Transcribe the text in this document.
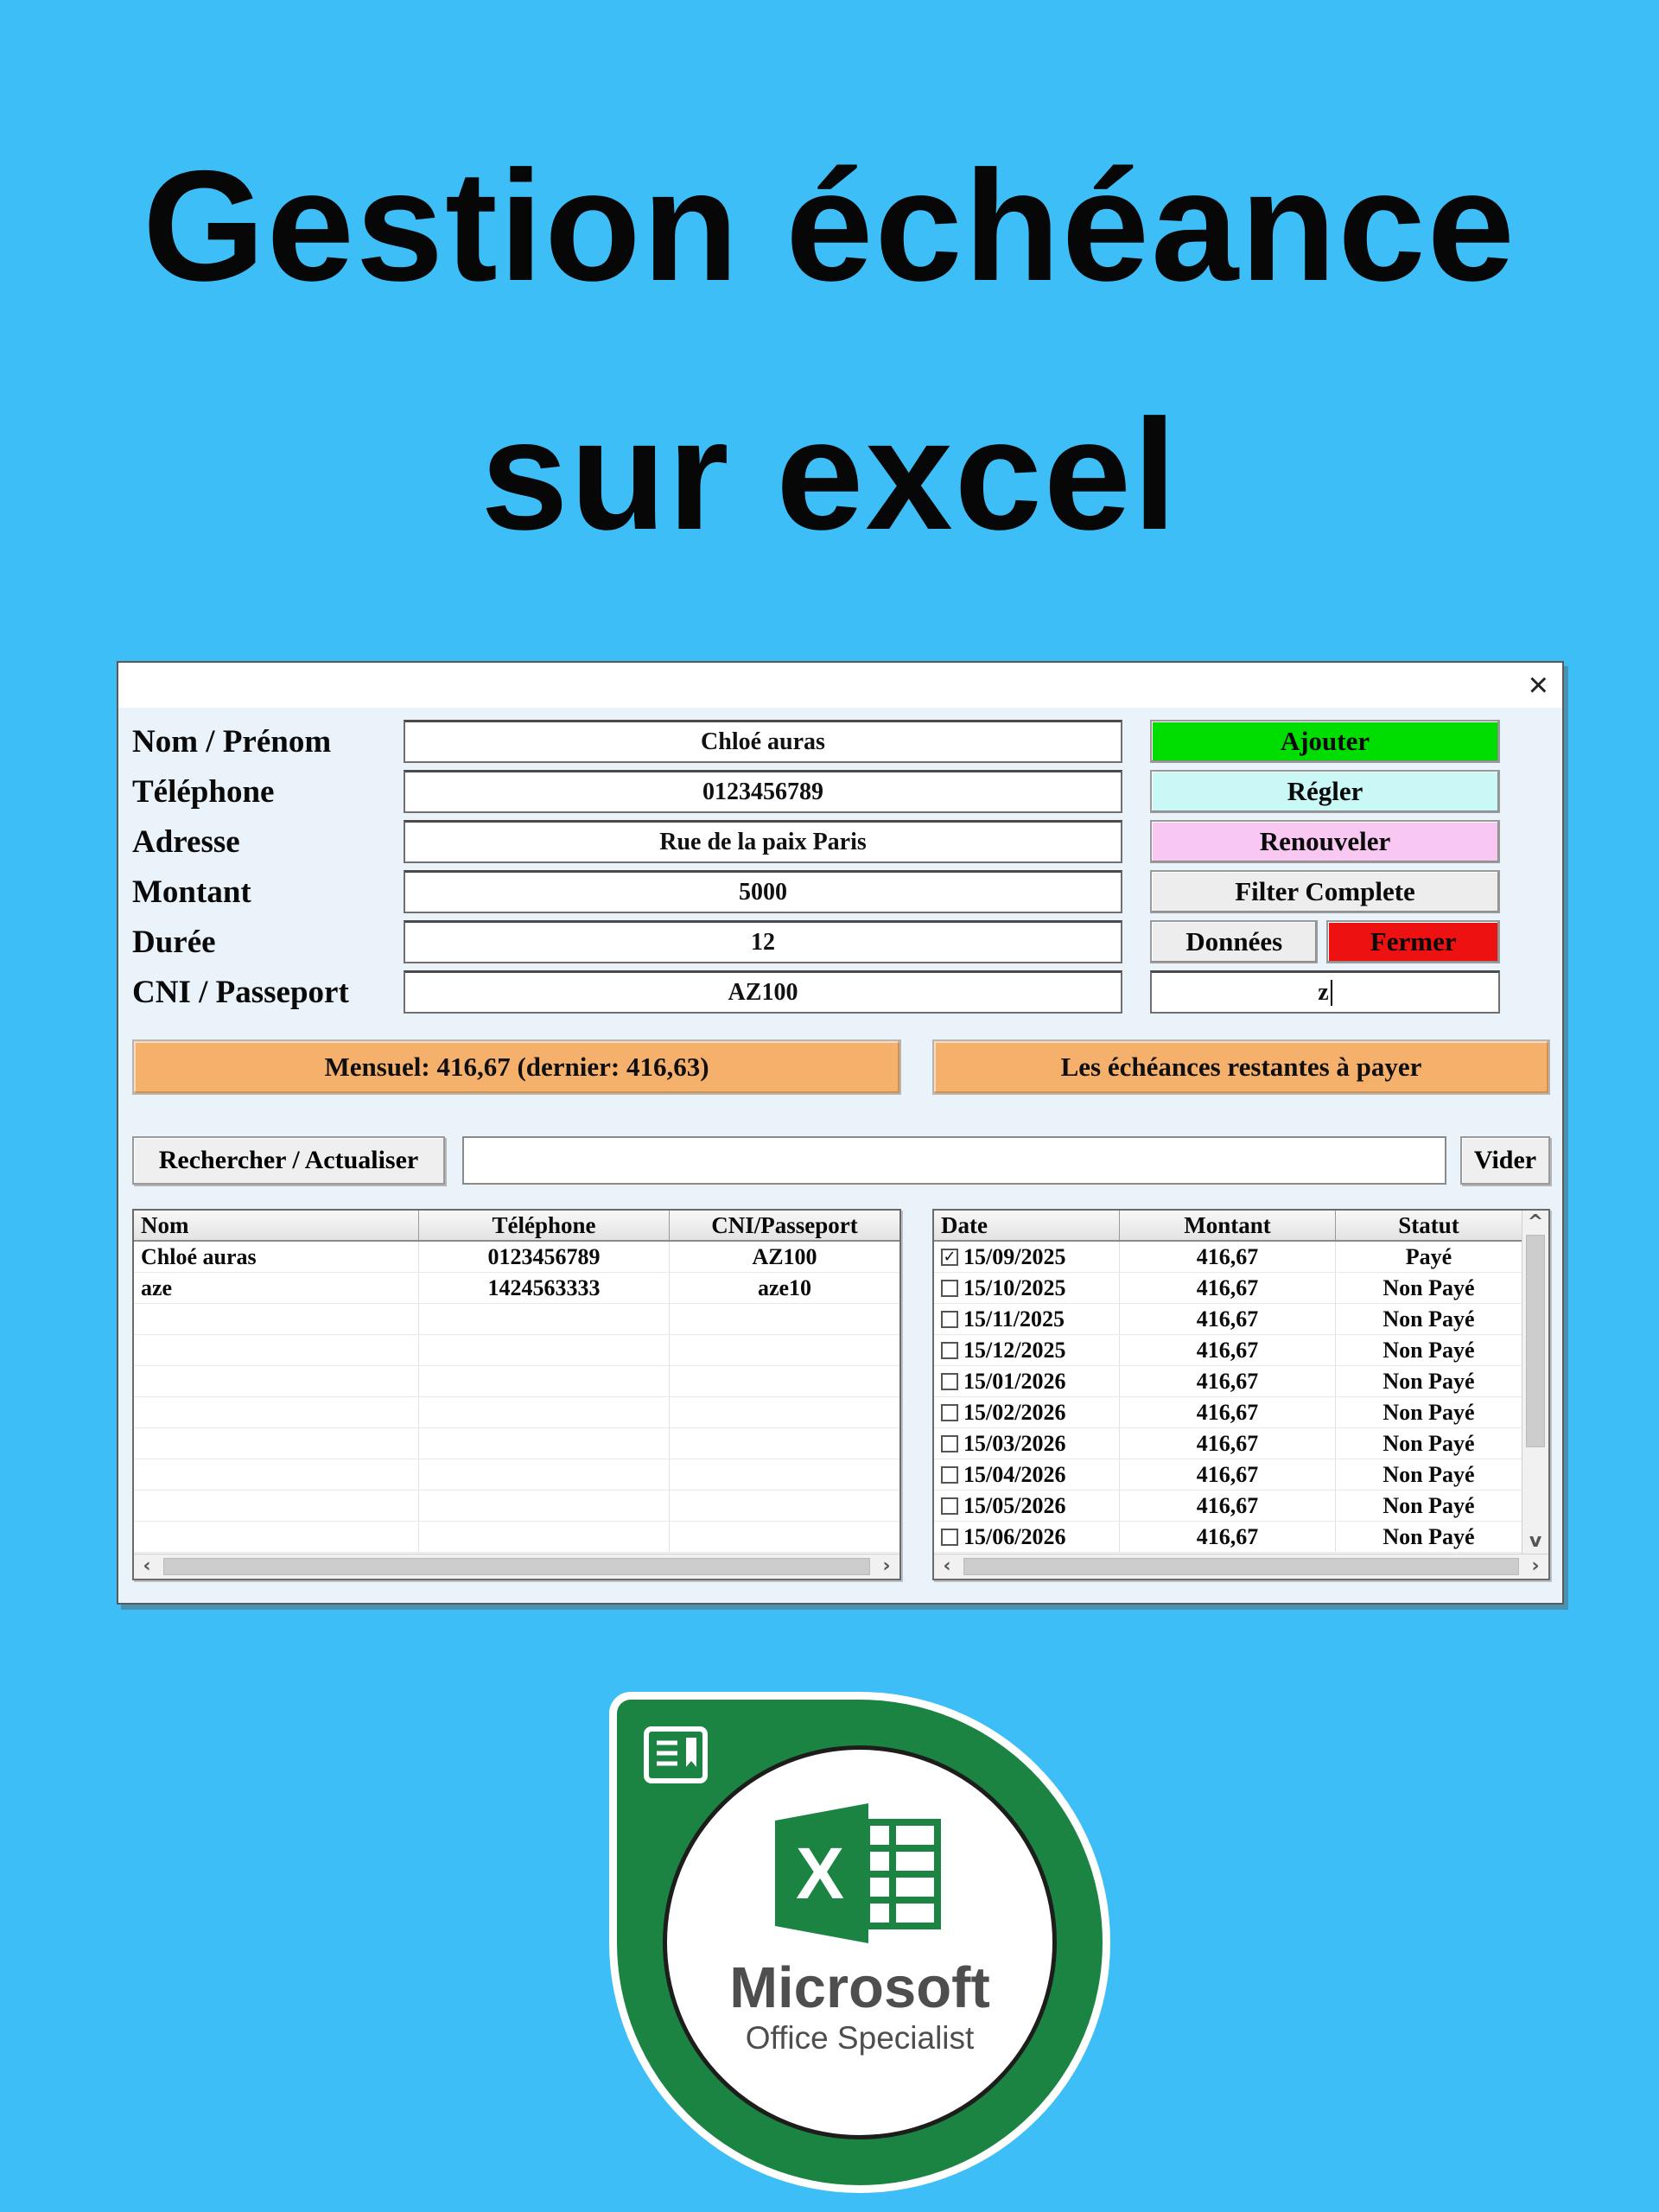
Gestion échéance
sur excel
×
Nom / Prénom	Chloé auras	Ajouter
Téléphone	0123456789	Régler
Adresse	Rue de la paix Paris	Renouveler
Montant	5000	Filter Complete
Durée	12	Données	Fermer
CNI / Passeport	AZ100	z
Mensuel: 416,67 (dernier: 416,63)	Les échéances restantes à payer
Rechercher / Actualiser	Vider
Nom	Téléphone	CNI/Passeport
Chloé auras	0123456789	AZ100
aze	1424563333	aze10
‹	›
Date	Montant	Statut
✓ 15/09/2025	416,67	Payé
15/10/2025	416,67	Non Payé
15/11/2025	416,67	Non Payé
15/12/2025	416,67	Non Payé
15/01/2026	416,67	Non Payé
15/02/2026	416,67	Non Payé
15/03/2026	416,67	Non Payé
15/04/2026	416,67	Non Payé
15/05/2026	416,67	Non Payé
15/06/2026	416,67	Non Payé
^
v
‹	›
X
Microsoft
Office Specialist
